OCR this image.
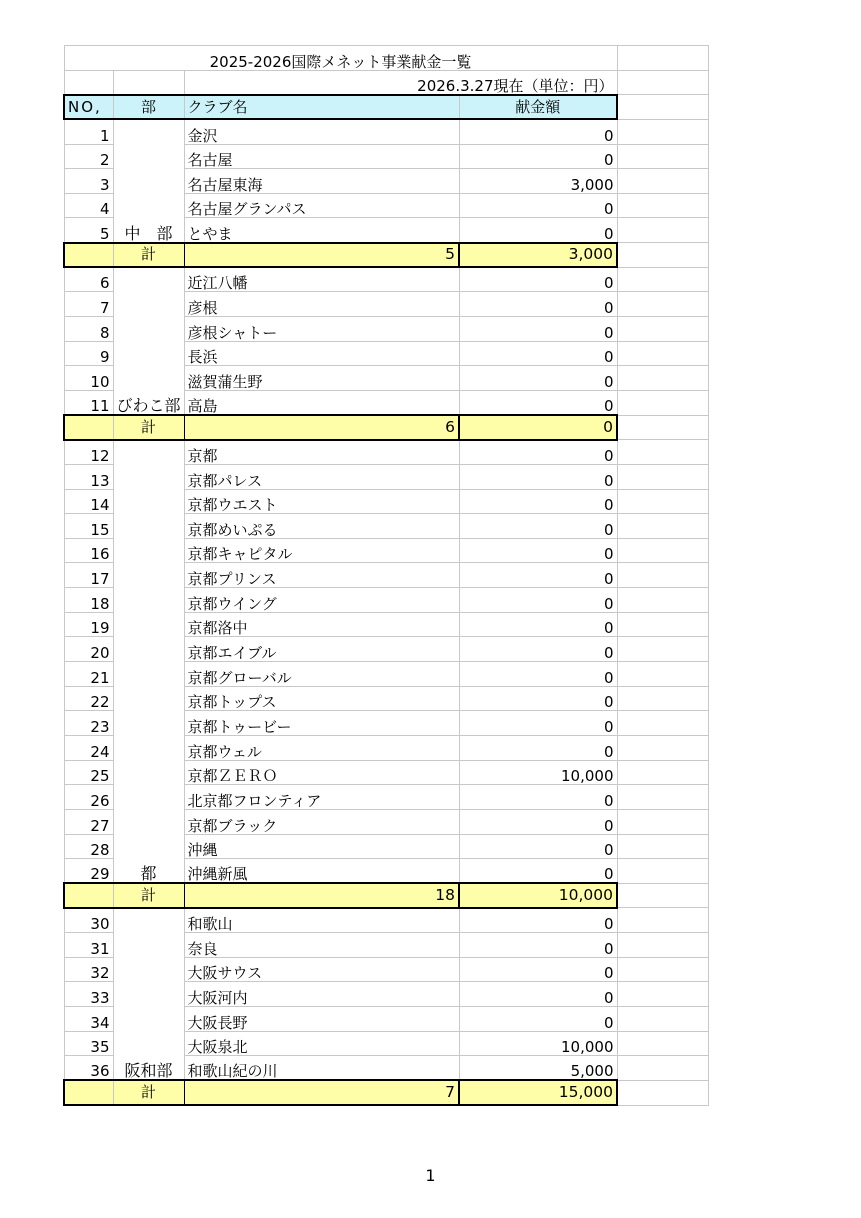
2025-2026国際メネット事業献金一覧				
		2026.3.27現在（単位：円）		
NO,	部	クラブ名	献金額	
1	中　部	金沢	0	
2		名古屋	0	
3		名古屋東海	3,000	
4		名古屋グランパス	0	
5		とやま	0	
	計	5	3,000	
6	びわこ部	近江八幡	0	
7		彦根	0	
8		彦根シャトー	0	
9		長浜	0	
10		滋賀蒲生野	0	
11		高島	0	
	計	6	0	
12	都	京都	0	
13		京都パレス	0	
14		京都ウエスト	0	
15		京都めいぷる	0	
16		京都キャピタル	0	
17		京都プリンス	0	
18		京都ウイング	0	
19		京都洛中	0	
20		京都エイブル	0	
21		京都グローバル	0	
22		京都トップス	0	
23		京都トゥービー	0	
24		京都ウェル	0	
25		京都ＺＥＲＯ	10,000	
26		北京都フロンティア	0	
27		京都ブラック	0	
28		沖縄	0	
29		沖縄新風	0	
	計	18	10,000	
30	阪和部	和歌山	0	
31		奈良	0	
32		大阪サウス	0	
33		大阪河内	0	
34		大阪長野	0	
35		大阪泉北	10,000	
36		和歌山紀の川	5,000	
	計	7	15,000	
1
